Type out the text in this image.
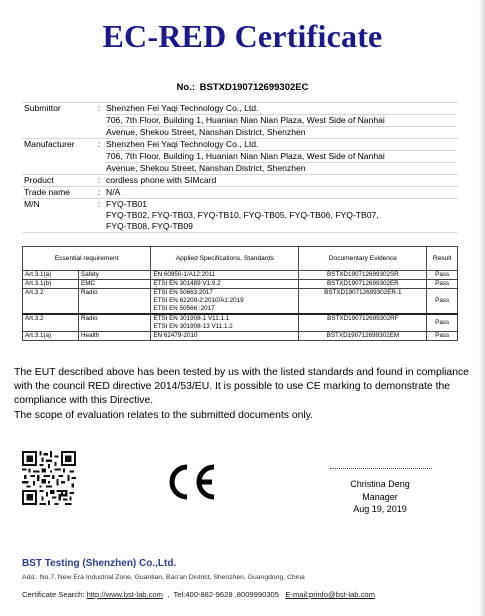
EC-RED Certificate
No.: BSTXD190712699302EC
Submittor	:	Shenzhen Fei Yaqi Technology Co., Ltd.
706, 7th Floor, Building 1, Huanian Nian Nian Plaza, West Side of Nanhai
Avenue, Shekou Street, Nanshan District, Shenzhen

Manufacturer	:	Shenzhen Fei Yaqi Technology Co., Ltd.
706, 7th Floor, Building 1, Huanian Nian Nian Plaza, West Side of Nanhai
Avenue, Shekou Street, Nanshan District, Shenzhen

Product	:	cordless phone with SIMcard
Trade name	:	N/A
M/N	:	FYQ-TB01
FYQ-TB02, FYQ-TB03, FYQ-TB10, FYQ-TB05, FYQ-TB06, FYQ-TB07,
FYQ-TB08, FYQ-TB09
Essential requirement		Applied Specifications, Standards	Documentary Evidence	Result
Art.3.1(a)	Safety	EN 60950-1/A12:2011	BSTXD190712699302SR	Pass
Art.3.1(b)	EMC	ETSI EN 301489 V1.9.2	BSTXD190712699302ER	Pass
Art.3.2	Radio	ETSI EN 50663:2017
ETSI EN 62209-2:2010/A1:2019
ETSI EN 50566 :2017	BSTXD190712699302ER-1	Pass
Art.3.2	Radio	ETSI EN 301908-1 V11.1.1
ETSI EN 301908-13 V11.1.2	BSTXD190712699302RF	Pass
Art.3.1(a)	Health	EN 62479-2010	BSTXD190712699302EM	Pass

The EUT described above has been tested by us with the listed standards and found in compliance with the council RED directive 2014/53/EU. It is possible to use CE marking to demonstrate the compliance with this Directive.

The scope of evaluation relates to the submitted documents only.

Christina Deng
Manager
Aug 19, 2019
BST Testing (Shenzhen) Co.,Ltd.
Add.: No.7, New Era Industrial Zone, Guantian, Bao'an District, Shenzhen, Guangdong, China
Certificate Search: http://www.bst-lab.com  ,  Tel:400-882-9628 ,8009990305 E-mail:prinfo@bst-lab.com
